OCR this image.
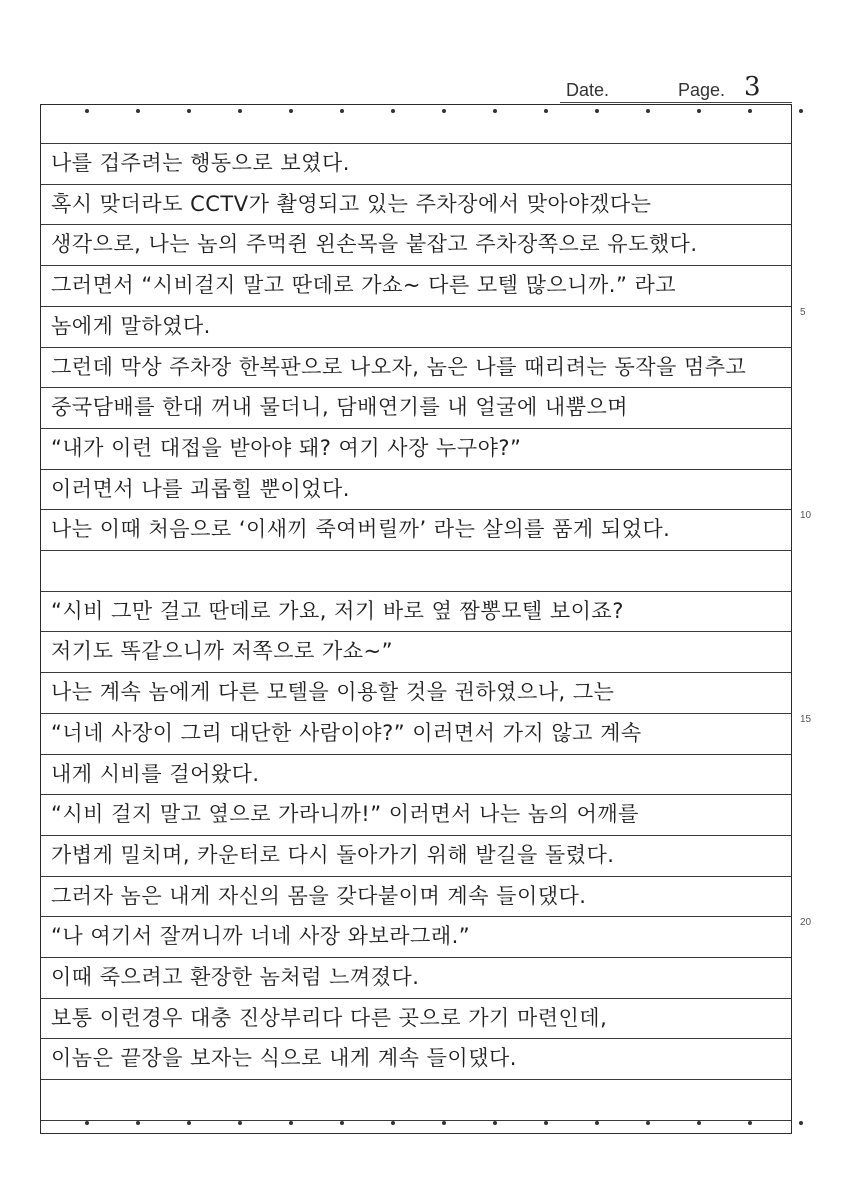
Date.	Page. 3
나를 겁주려는 행동으로 보였다.
혹시 맞더라도 CCTV가 촬영되고 있는 주차장에서 맞아야겠다는
생각으로, 나는 놈의 주먹쥔 왼손목을 붙잡고 주차장쪽으로 유도했다.
그러면서 “시비걸지 말고 딴데로 가쇼~ 다른 모텔 많으니까.” 라고
놈에게 말하였다.
그런데 막상 주차장 한복판으로 나오자, 놈은 나를 때리려는 동작을 멈추고
중국담배를 한대 꺼내 물더니, 담배연기를 내 얼굴에 내뿜으며
“내가 이런 대접을 받아야 돼? 여기 사장 누구야?”
이러면서 나를 괴롭힐 뿐이었다.
나는 이때 처음으로 ‘이새끼 죽여버릴까’ 라는 살의를 품게 되었다.
“시비 그만 걸고 딴데로 가요, 저기 바로 옆 짬뽕모텔 보이죠?
저기도 똑같으니까 저쪽으로 가쇼~”
나는 계속 놈에게 다른 모텔을 이용할 것을 권하였으나, 그는
“너네 사장이 그리 대단한 사람이야?” 이러면서 가지 않고 계속
내게 시비를 걸어왔다.
“시비 걸지 말고 옆으로 가라니까!” 이러면서 나는 놈의 어깨를
가볍게 밀치며, 카운터로 다시 돌아가기 위해 발길을 돌렸다.
그러자 놈은 내게 자신의 몸을 갖다붙이며 계속 들이댔다.
“나 여기서 잘꺼니까 너네 사장 와보라그래.”
이때 죽으려고 환장한 놈처럼 느껴졌다.
보통 이런경우 대충 진상부리다 다른 곳으로 가기 마련인데,
이놈은 끝장을 보자는 식으로 내게 계속 들이댔다.
5
10
15
20
